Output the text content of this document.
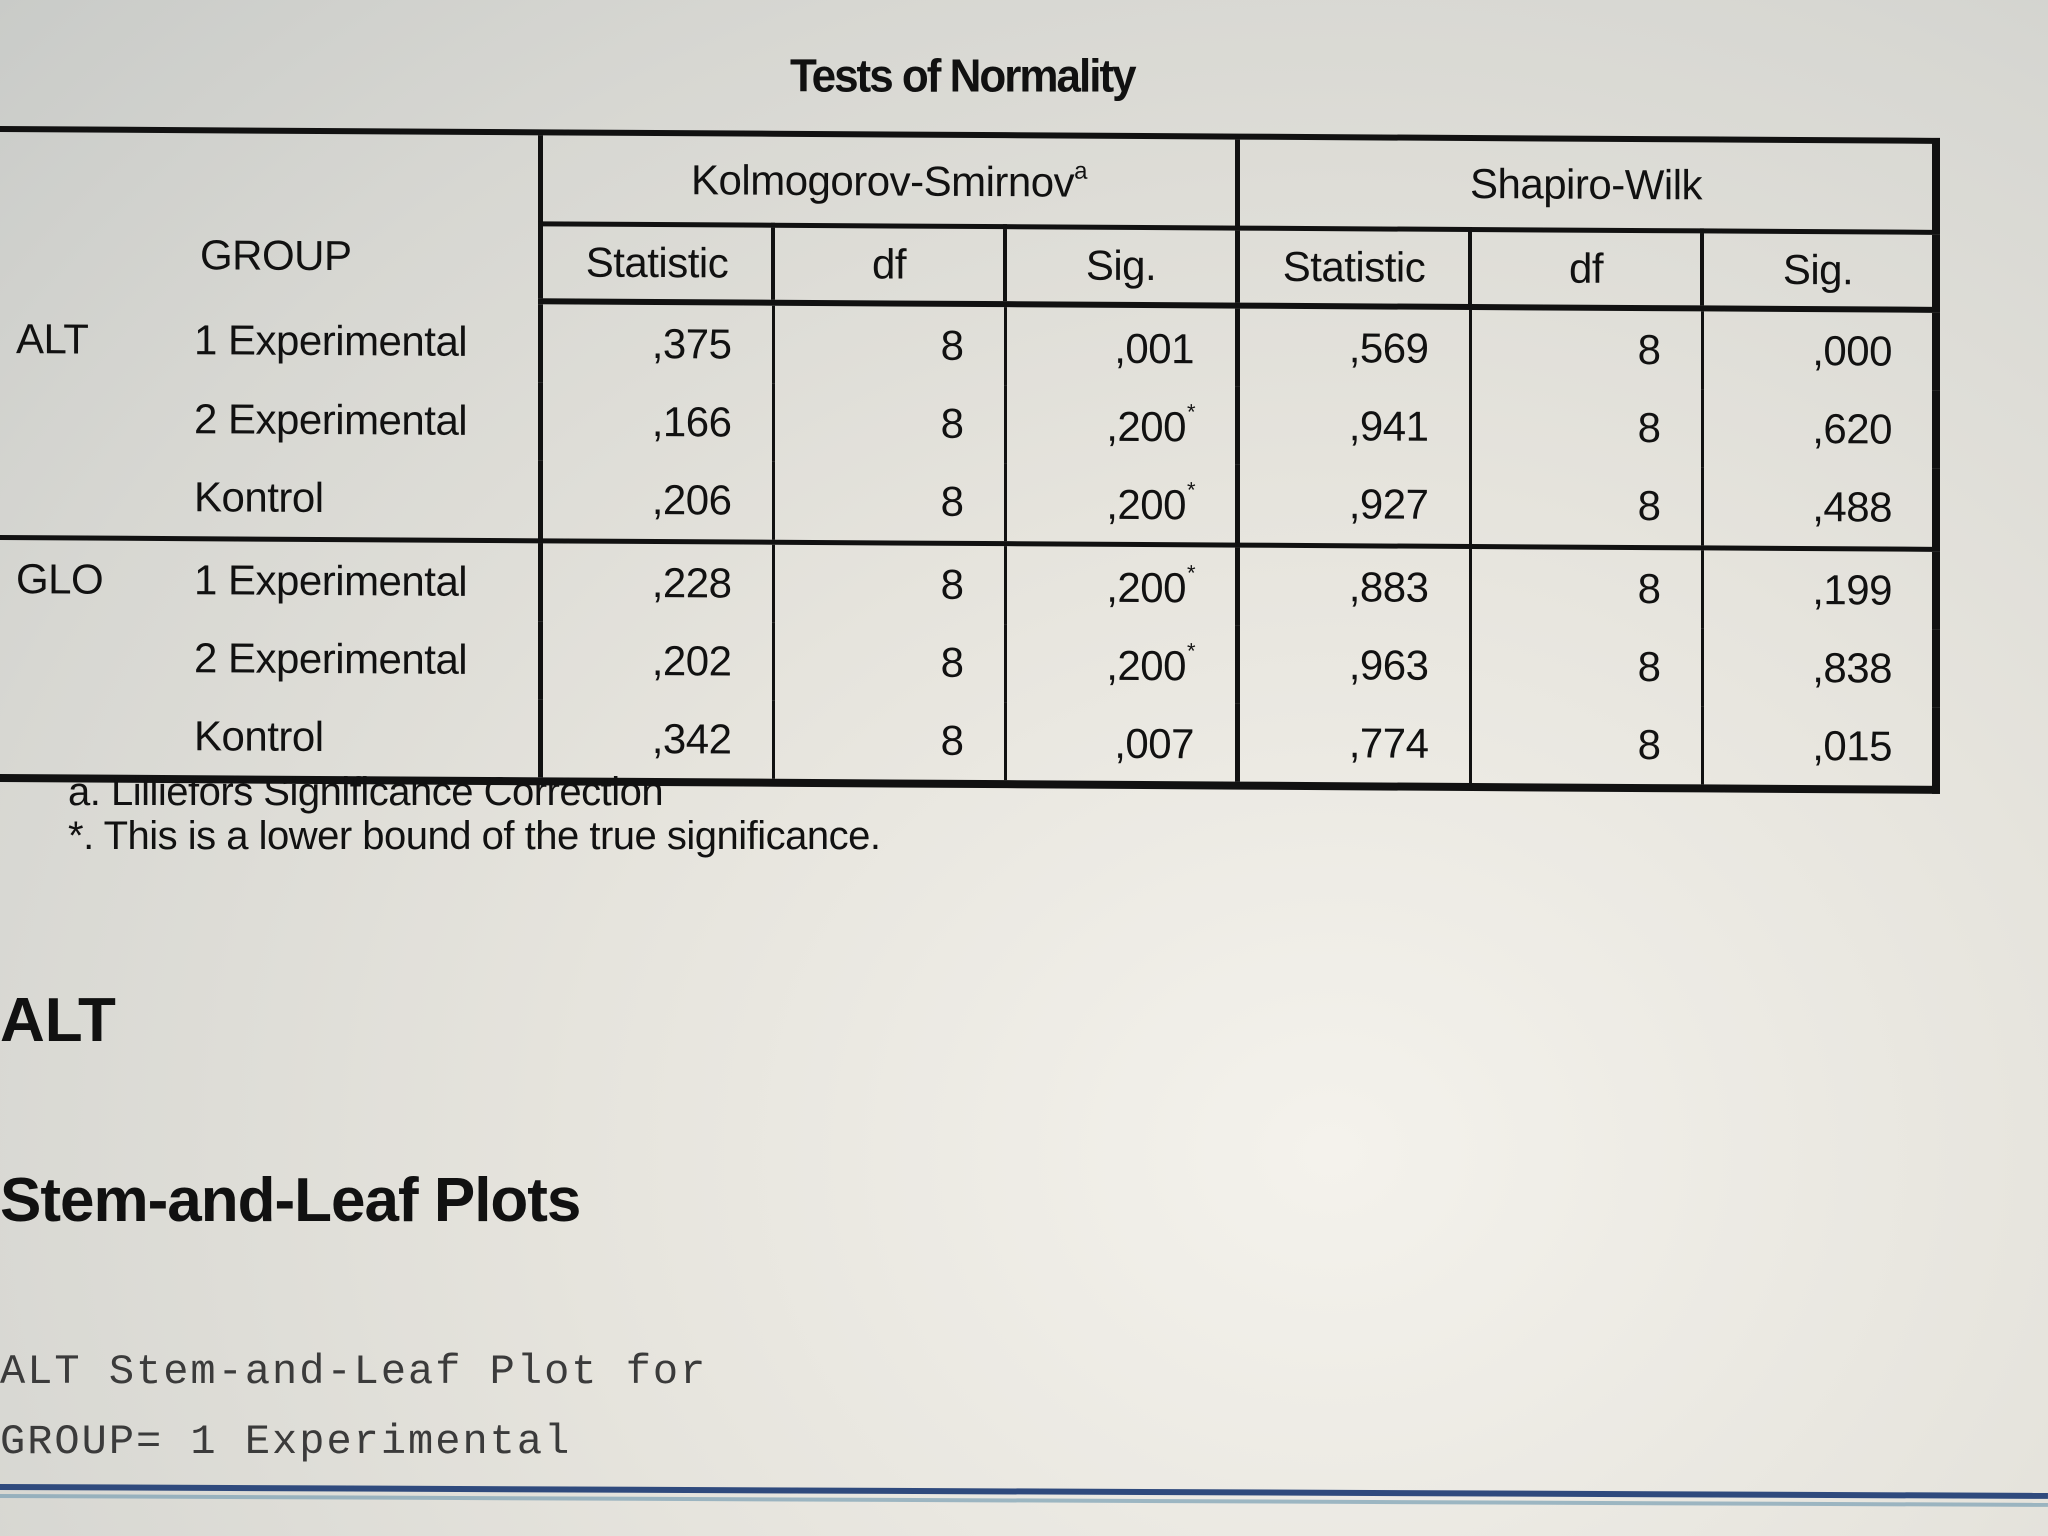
Tests of Normality
GROUP		Kolmogorov-Smirnov$^a$			Shapiro-Wilk		
		Statistic	df	Sig.	Statistic	df	Sig.
ALT	1 Experimental	,375	8	,001	,569	8	,000
	2 Experimental	,166	8	,200*	,941	8	,620
	Kontrol	,206	8	,200*	,927	8	,488
GLO	1 Experimental	,228	8	,200*	,883	8	,199
	2 Experimental	,202	8	,200*	,963	8	,838
	Kontrol	,342	8	,007	,774	8	,015
a. Lilliefors Significance Correction
*. This is a lower bound of the true significance.
ALT
Stem-and-Leaf Plots
ALT Stem-and-Leaf Plot for
GROUP= 1 Experimental
